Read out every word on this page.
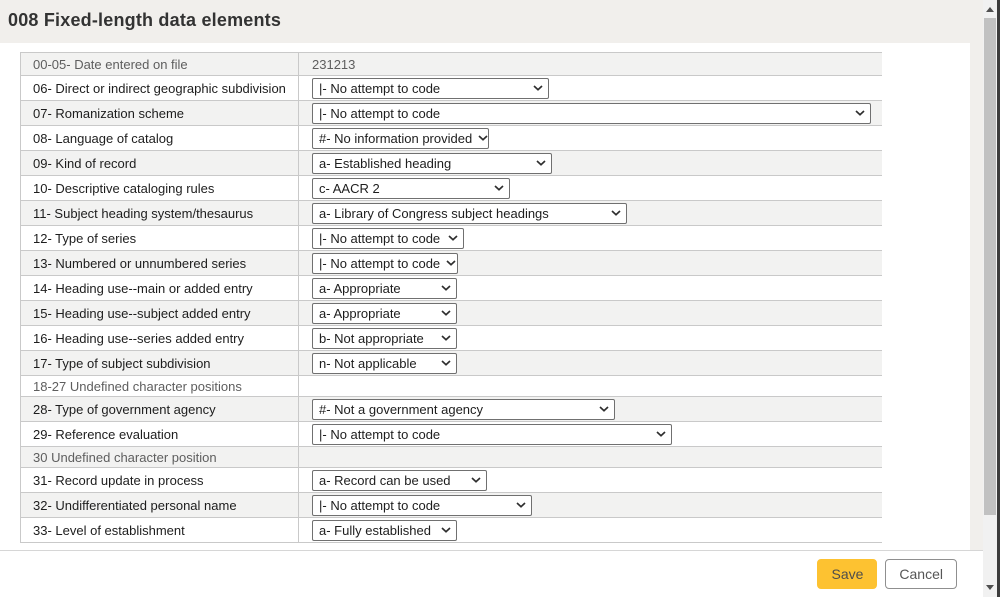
008 Fixed-length data elements
00-05- Date entered on file	231213
06- Direct or indirect geographic subdivision	|- No attempt to code
07- Romanization scheme	|- No attempt to code
08- Language of catalog	#- No information provided
09- Kind of record	a- Established heading
10- Descriptive cataloging rules	c- AACR 2
11- Subject heading system/thesaurus	a- Library of Congress subject headings
12- Type of series	|- No attempt to code
13- Numbered or unnumbered series	|- No attempt to code
14- Heading use--main or added entry	a- Appropriate
15- Heading use--subject added entry	a- Appropriate
16- Heading use--series added entry	b- Not appropriate
17- Type of subject subdivision	n- Not applicable
18-27 Undefined character positions
28- Type of government agency	#- Not a government agency
29- Reference evaluation	|- No attempt to code
30 Undefined character position
31- Record update in process	a- Record can be used
32- Undifferentiated personal name	|- No attempt to code
33- Level of establishment	a- Fully established
Save	Cancel
